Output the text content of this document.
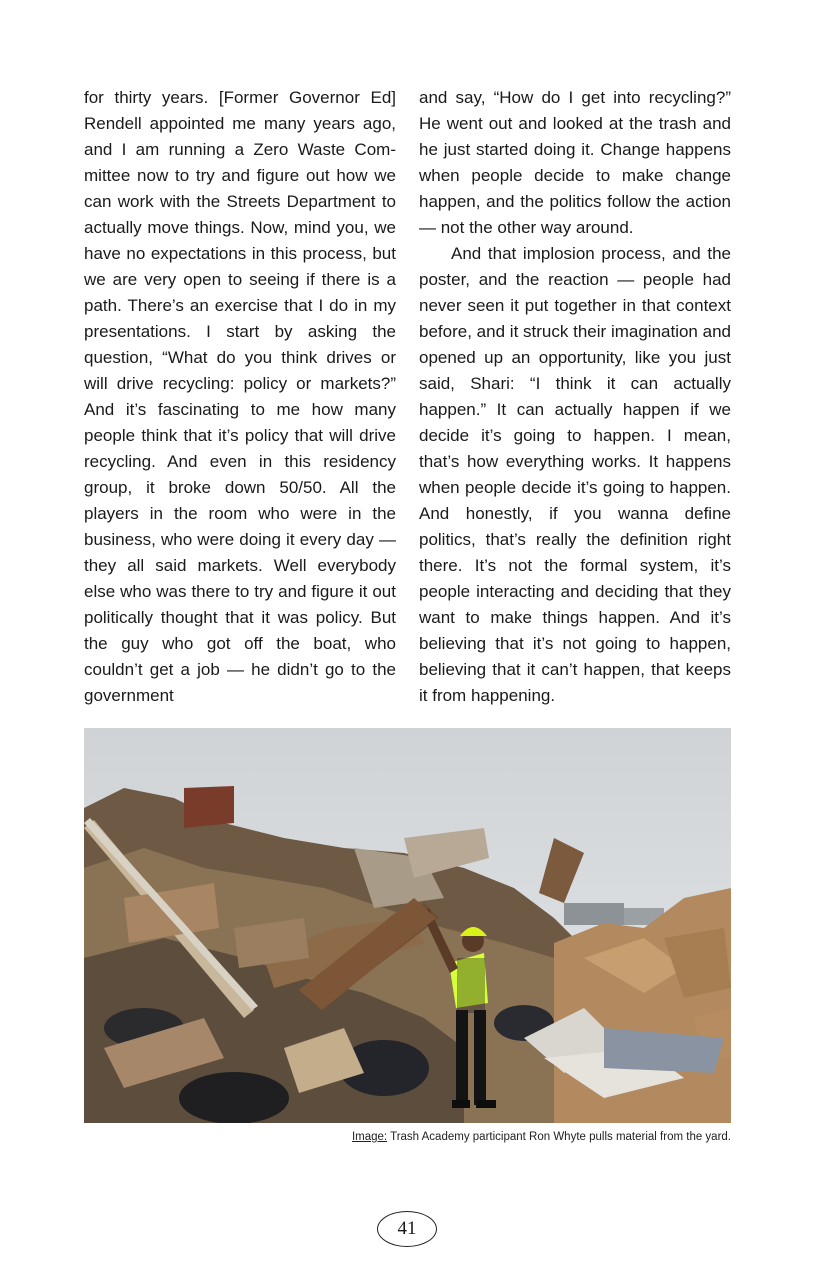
for thirty years. [Former Governor Ed] Rendell appointed me many years ago, and I am running a Zero Waste Committee now to try and figure out how we can work with the Streets Department to actually move things. Now, mind you, we have no expectations in this process, but we are very open to seeing if there is a path. There’s an exercise that I do in my presentations. I start by asking the question, “What do you think drives or will drive recycling: policy or markets?” And it’s fascinating to me how many people think that it’s policy that will drive recycling. And even in this residency group, it broke down 50/50. All the players in the room who were in the business, who were doing it every day — they all said markets. Well everybody else who was there to try and figure it out politically thought that it was policy. But the guy who got off the boat, who couldn’t get a job — he didn’t go to the government

and say, “How do I get into recycling?” He went out and looked at the trash and he just started doing it. Change happens when people decide to make change happen, and the politics follow the action — not the other way around.

And that implosion process, and the poster, and the reaction — people had never seen it put together in that context before, and it struck their imagination and opened up an opportunity, like you just said, Shari: “I think it can actually happen.” It can actually happen if we decide it’s going to happen. I mean, that’s how everything works. It happens when people decide it’s going to happen. And honestly, if you wanna define politics, that’s really the definition right there. It’s not the formal system, it’s people interacting and deciding that they want to make things happen. And it’s believing that it’s not going to happen, believing that it can’t happen, that keeps it from happening.

Image: Trash Academy participant Ron Whyte pulls material from the yard.
41
